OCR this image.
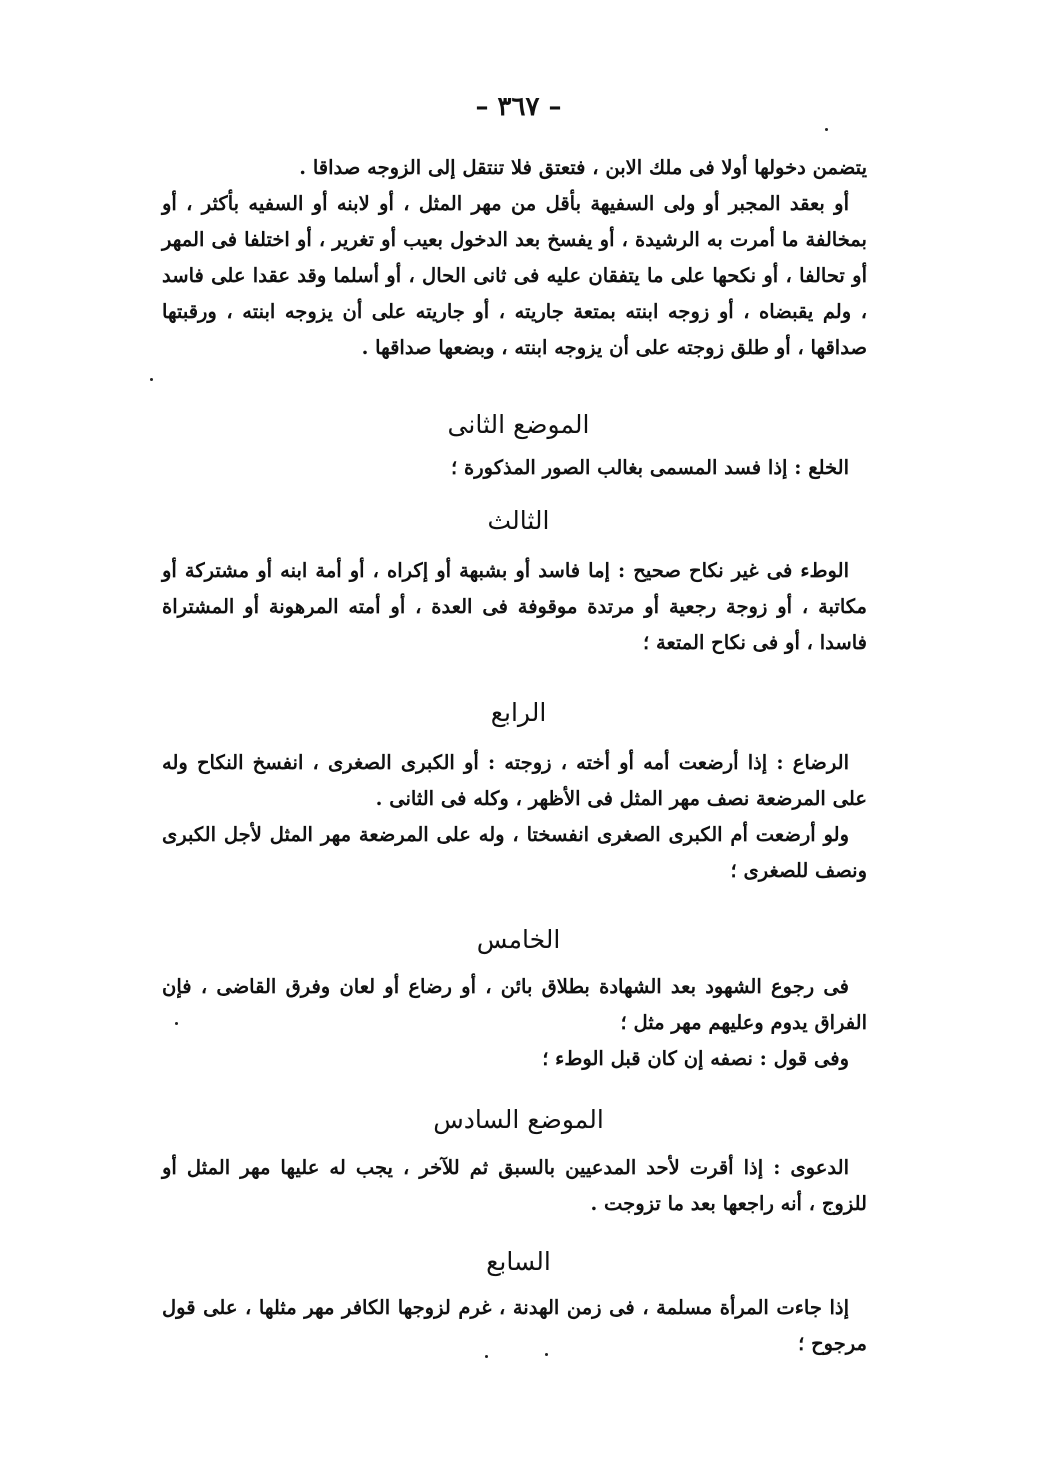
– ٣٦٧ –

يتضمن دخولها أولا فى ملك الابن ، فتعتق فلا تنتقل إلى الزوجه صداقا .

أو بعقد المجبر أو ولى السفيهة بأقل من مهر المثل ، أو لابنه أو السفيه بأكثر ، أو بمخالفة ما أمرت به الرشيدة ، أو يفسخ بعد الدخول بعيب أو تغرير ، أو اختلفا فى المهر أو تحالفا ، أو نكحها على ما يتفقان عليه فى ثانى الحال ، أو أسلما وقد عقدا على فاسد ، ولم يقبضاه ، أو زوجه ابنته بمتعة جاريته ، أو جاريته على أن يزوجه ابنته ، ورقبتها صداقها ، أو طلق زوجته على أن يزوجه ابنته ، وبضعها صداقها .

الموضع الثانى

الخلع : إذا فسد المسمى بغالب الصور المذكورة ؛

الثالث

الوطء فى غير نكاح صحيح : إما فاسد أو بشبهة أو إكراه ، أو أمة ابنه أو مشتركة أو مكاتبة ، أو زوجة رجعية أو مرتدة موقوفة فى العدة ، أو أمته المرهونة أو المشتراة فاسدا ، أو فى نكاح المتعة ؛

الرابع

الرضاع : إذا أرضعت أمه أو أخته ، زوجته : أو الكبرى الصغرى ، انفسخ النكاح وله على المرضعة نصف مهر المثل فى الأظهر ، وكله فى الثانى .

ولو أرضعت أم الكبرى الصغرى انفسختا ، وله على المرضعة مهر المثل لأجل الكبرى ونصف للصغرى ؛

الخامس

فى رجوع الشهود بعد الشهادة بطلاق بائن ، أو رضاع أو لعان وفرق القاضى ، فإن الفراق يدوم وعليهم مهر مثل ؛

وفى قول : نصفه إن كان قبل الوطء ؛

الموضع السادس

الدعوى : إذا أقرت لأحد المدعيين بالسبق ثم للآخر ، يجب له عليها مهر المثل أو للزوج ، أنه راجعها بعد ما تزوجت .

السابع

إذا جاءت المرأة مسلمة ، فى زمن الهدنة ، غرم لزوجها الكافر مهر مثلها ، على قول مرجوح ؛
